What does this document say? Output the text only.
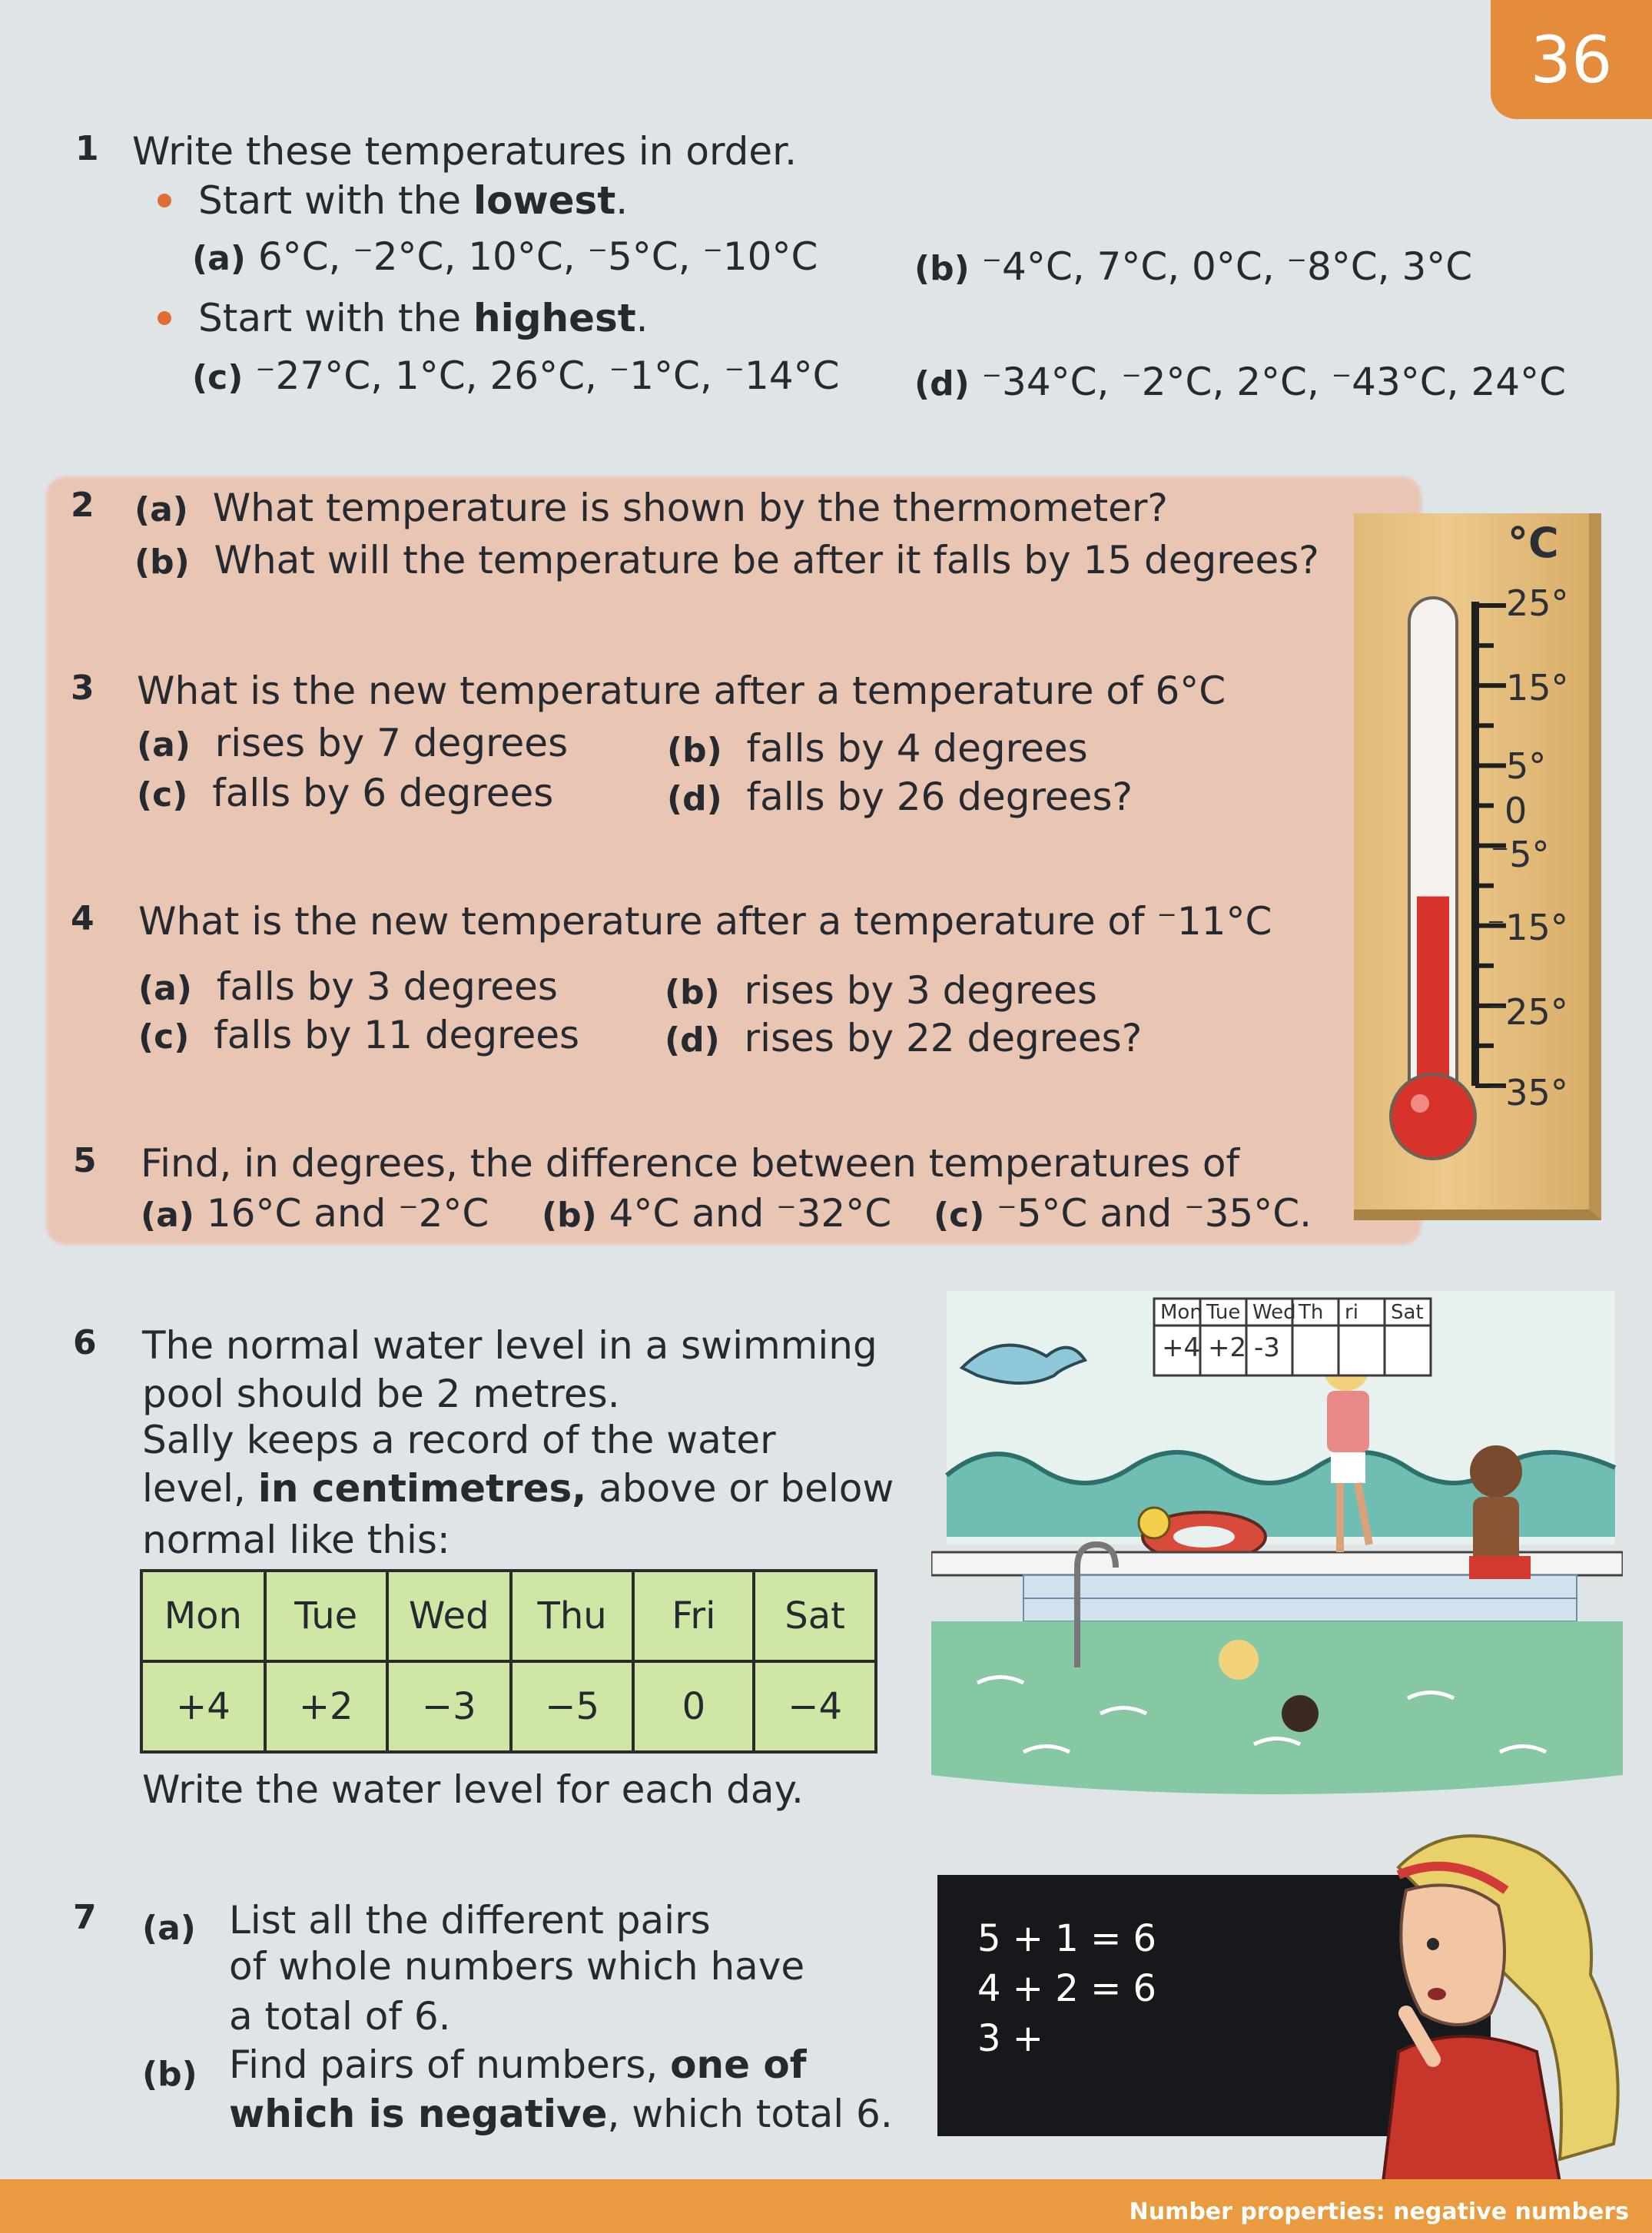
36
1 Write these temperatures in order.
Start with the lowest.
(a) 6°C, ⁻2°C, 10°C, ⁻5°C, ⁻10°C	(b) ⁻4°C, 7°C, 0°C, ⁻8°C, 3°C
Start with the highest.
(c) ⁻27°C, 1°C, 26°C, ⁻1°C, ⁻14°C (d) ⁻34°C, ⁻2°C, 2°C, ⁻43°C, 24°C
2 (a) What temperature is shown by the thermometer?
(b) What will the temperature be after it falls by 15 degrees?
3 What is the new temperature after a temperature of 6°C
(a) rises by 7 degrees	(b) falls by 4 degrees
(c) falls by 6 degrees	(d) falls by 26 degrees?
4 What is the new temperature after a temperature of ⁻11°C
(a) falls by 3 degrees	(b) rises by 3 degrees
(c) falls by 11 degrees	(d) rises by 22 degrees?
5 Find, in degrees, the difference between temperatures of
(a) 16°C and ⁻2°C (b) 4°C and ⁻32°C (c) ⁻5°C and ⁻35°C.
°C
25°
15°
5°
0
⁻5°
⁻15°
⁻25°
⁻35°
6 The normal water level in a swimming
pool should be 2 metres.
Sally keeps a record of the water
level, in centimetres, above or below
normal like this:
Mon	Tue	Wed	Thu	Fri	Sat
+4	+2	−3	−5	0	−4
Write the water level for each day.
Mon Tue Wed Th ri Sat
+4 +2 -3
7 (a) List all the different pairs
of whole numbers which have
a total of 6.
(b) Find pairs of numbers, one of
which is negative, which total 6.
5 + 1 = 6
4 + 2 = 6
3 +
Number properties: negative numbers
